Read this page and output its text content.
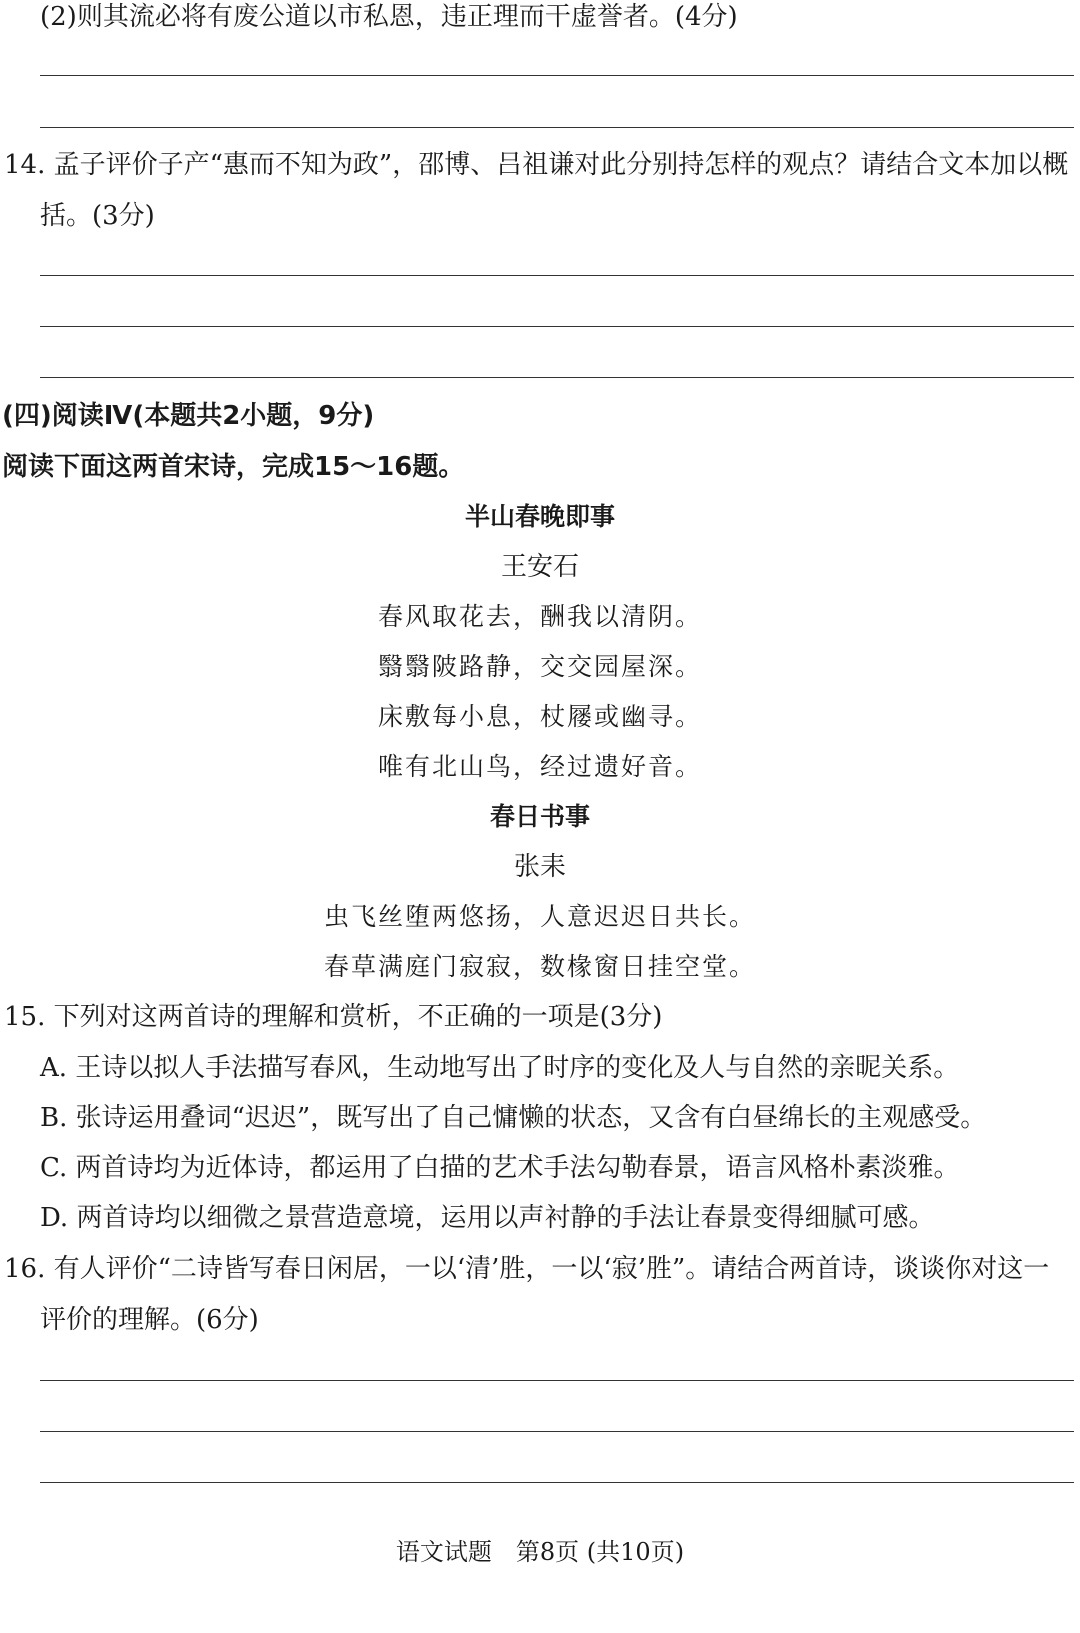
(2)则其流必将有废公道以市私恩，违正理而干虚誉者。(4分)
14. 孟子评价子产“惠而不知为政”，邵博、吕祖谦对此分别持怎样的观点？请结合文本加以概
括。(3分)
(四)阅读Ⅳ(本题共2小题，9分)
阅读下面这两首宋诗，完成15～16题。
半山春晚即事
王安石
春风取花去，酬我以清阴。
翳翳陂路静，交交园屋深。
床敷每小息，杖屦或幽寻。
唯有北山鸟，经过遗好音。
春日书事
张耒
虫飞丝堕两悠扬，人意迟迟日共长。
春草满庭门寂寂，数椽窗日挂空堂。
15. 下列对这两首诗的理解和赏析，不正确的一项是(3分)
A. 王诗以拟人手法描写春风，生动地写出了时序的变化及人与自然的亲昵关系。
B. 张诗运用叠词“迟迟”，既写出了自己慵懒的状态，又含有白昼绵长的主观感受。
C. 两首诗均为近体诗，都运用了白描的艺术手法勾勒春景，语言风格朴素淡雅。
D. 两首诗均以细微之景营造意境，运用以声衬静的手法让春景变得细腻可感。
16. 有人评价“二诗皆写春日闲居，一以‘清’胜，一以‘寂’胜”。请结合两首诗，谈谈你对这一
评价的理解。(6分)
语文试题　第8页 (共10页)
